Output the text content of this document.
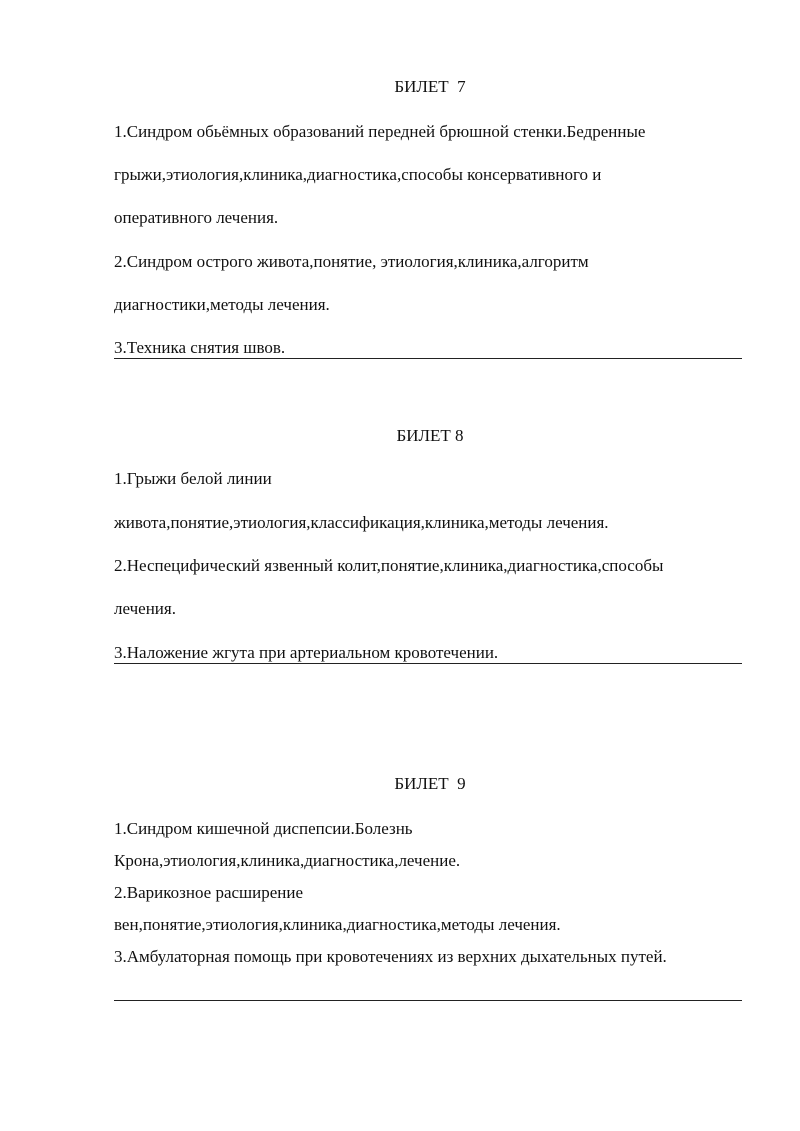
БИЛЕТ  7
1.Синдром обьёмных образований передней брюшной стенки.Бедренные
грыжи,этиология,клиника,диагностика,способы консервативного и
оперативного лечения.
2.Синдром острого живота,понятие, этиология,клиника,алгоритм
диагностики,методы лечения.
3.Техника снятия швов.
БИЛЕТ 8
1.Грыжи белой линии
живота,понятие,этиология,классификация,клиника,методы лечения.
2.Неспецифический язвенный колит,понятие,клиника,диагностика,способы
лечения.
3.Наложение жгута при артериальном кровотечении.
БИЛЕТ  9
1.Синдром кишечной диспепсии.Болезнь
Крона,этиология,клиника,диагностика,лечение.
2.Варикозное расширение
вен,понятие,этиология,клиника,диагностика,методы лечения.
3.Амбулаторная помощь при кровотечениях из верхних дыхательных путей.
